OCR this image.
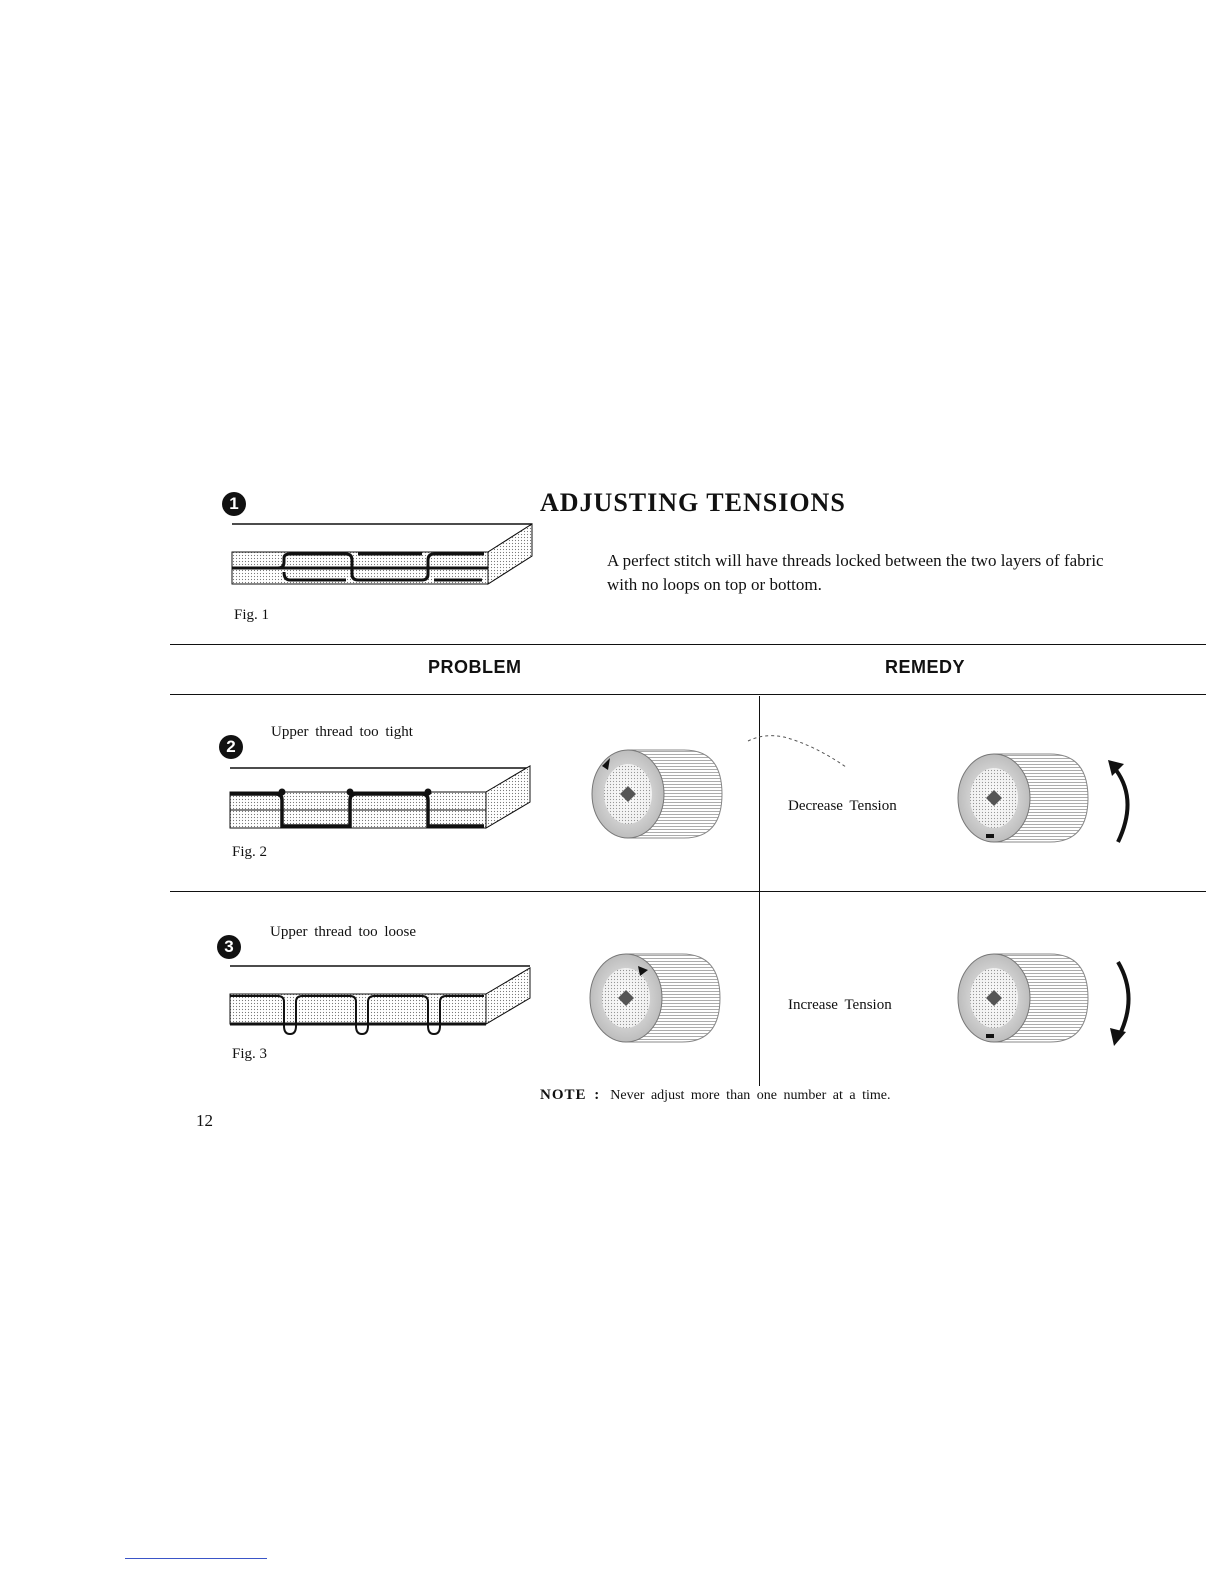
1	ADJUSTING TENSIONS
Fig. 1
A perfect stitch will have threads locked between the two layers of fabric with no loops on top or bottom.
PROBLEM	REMEDY
2
Upper thread too tight
Fig. 2
Decrease Tension
3
Upper thread too loose
Fig. 3
Increase Tension
NOTE : Never adjust more than one number at a time.
12
